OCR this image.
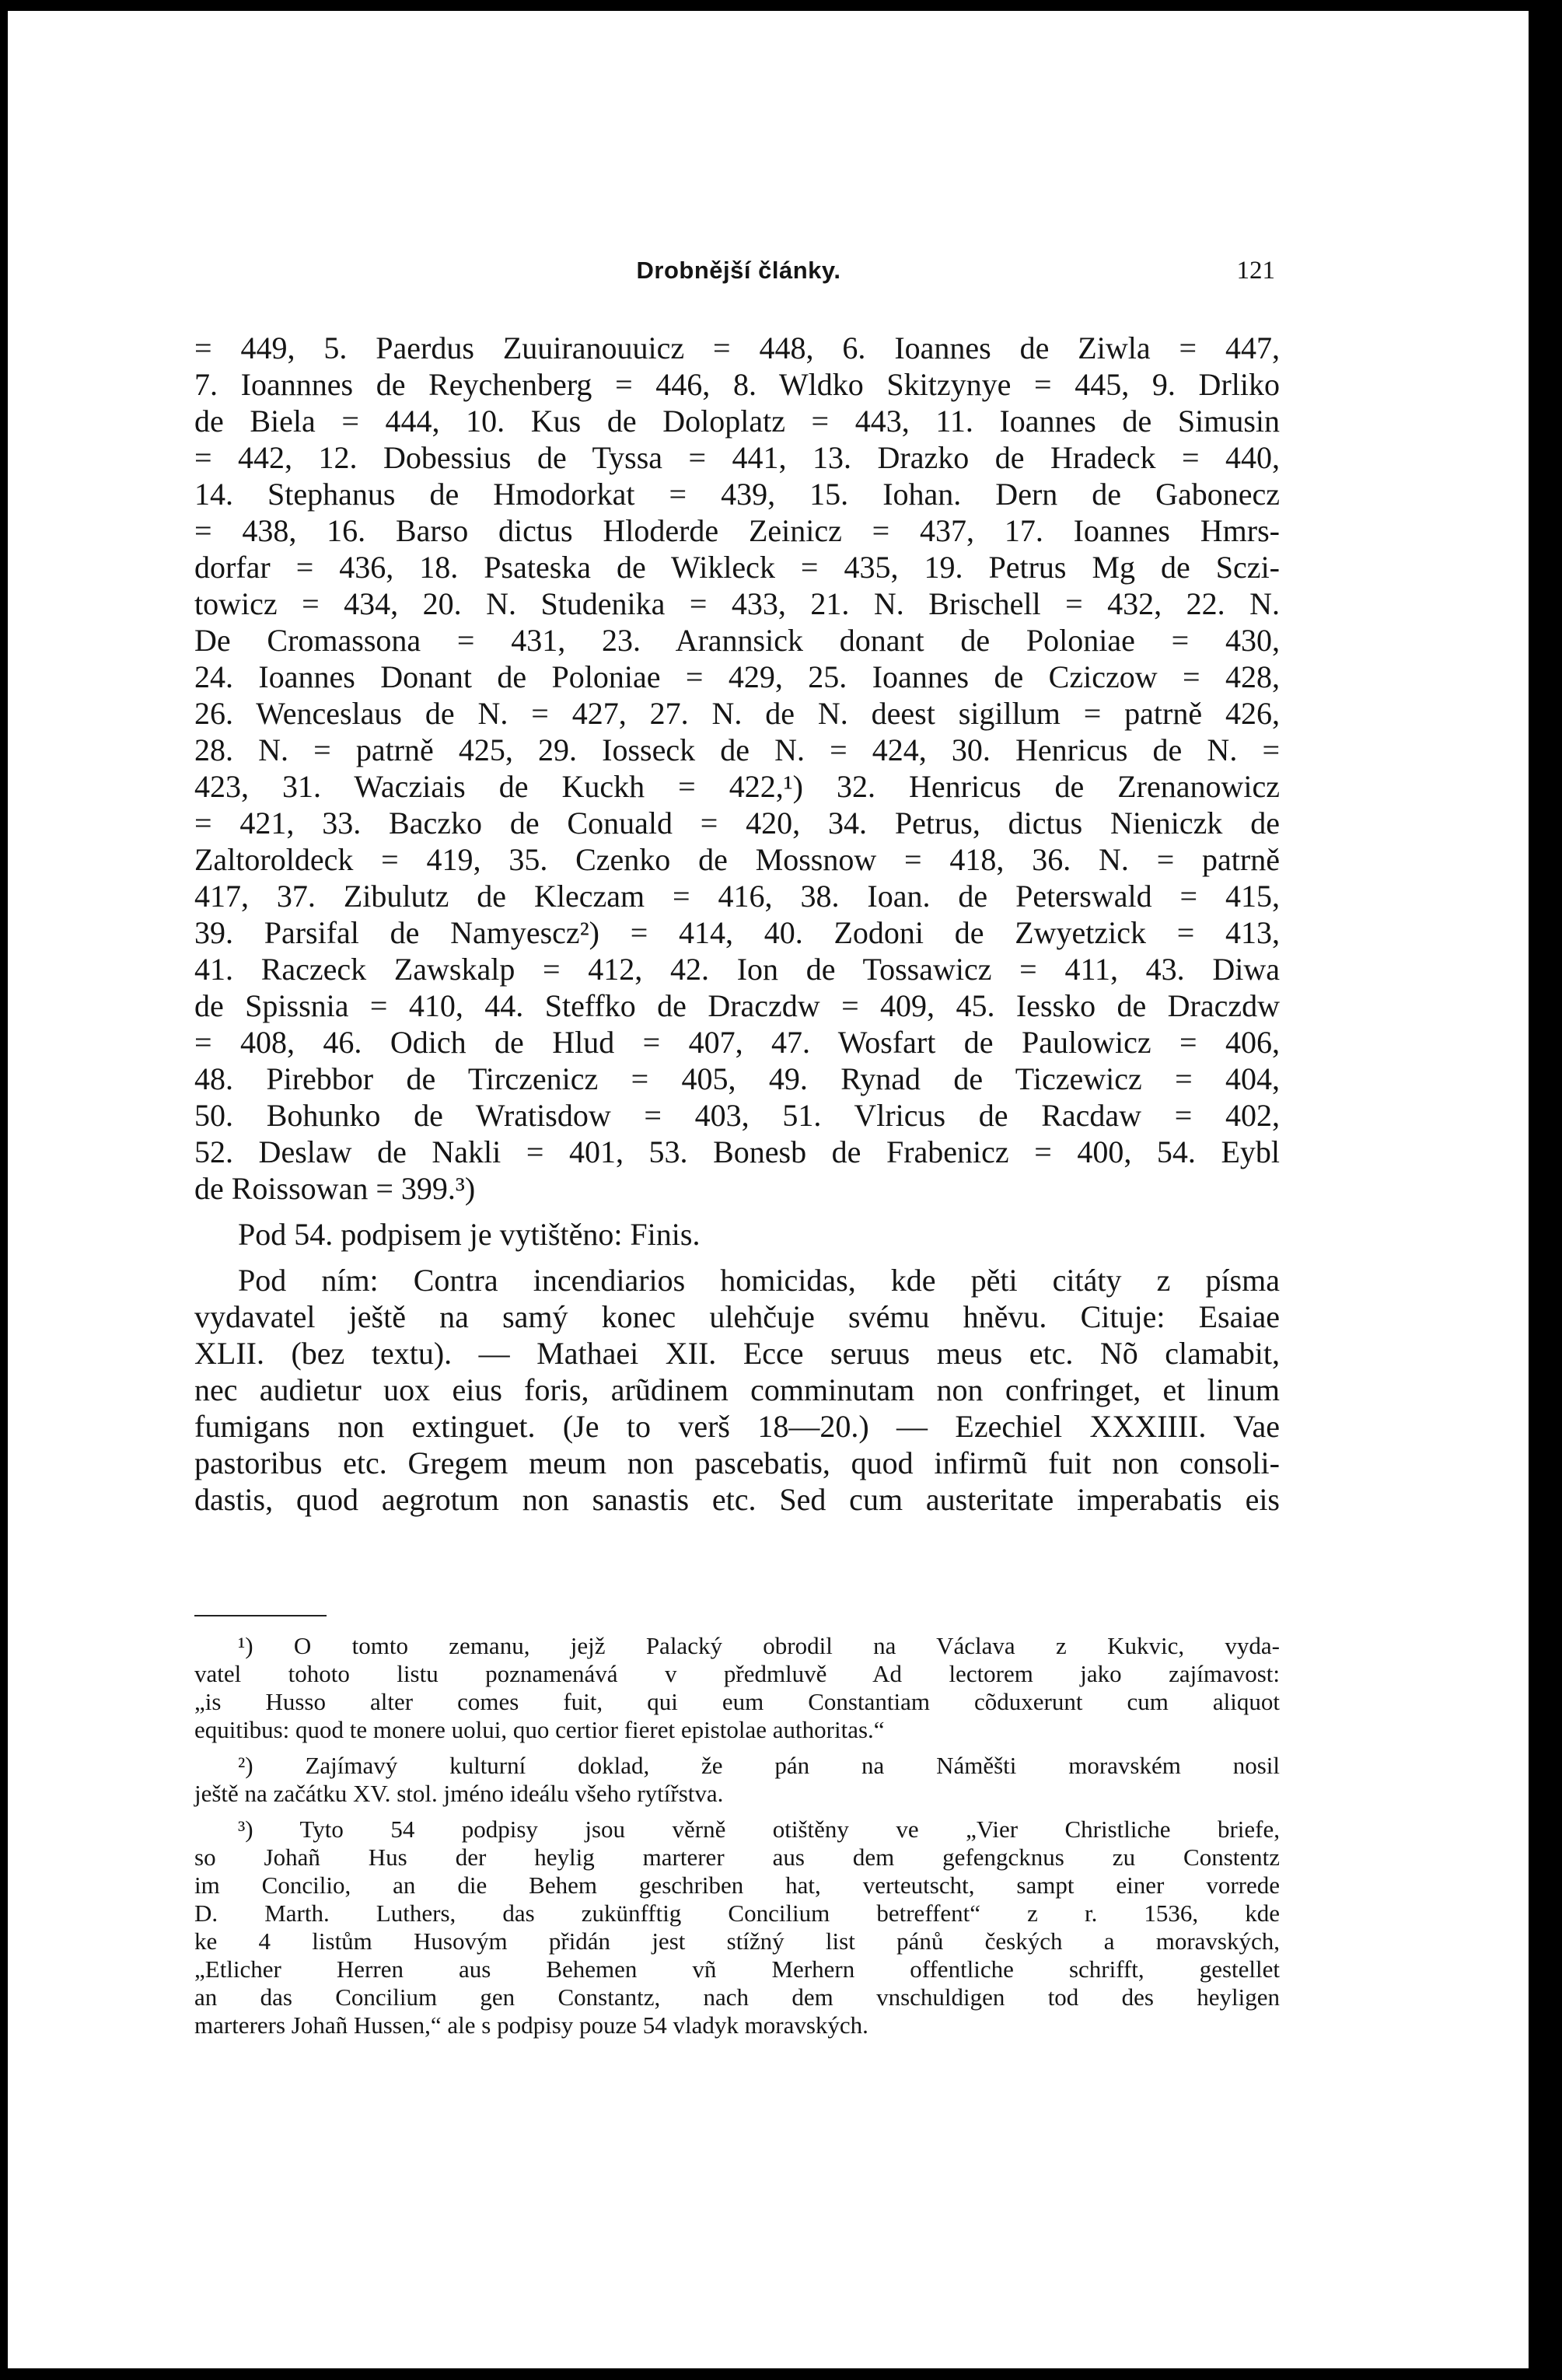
Drobnější články.	121
= 449, 5. Paerdus Zuuiranouuicz = 448, 6. Ioannes de Ziwla = 447,
7. Ioannnes de Reychenberg = 446, 8. Wldko Skitzynye = 445, 9. Drliko
de Biela = 444, 10. Kus de Doloplatz = 443, 11. Ioannes de Simusin
= 442, 12. Dobessius de Tyssa = 441, 13. Drazko de Hradeck = 440,
14. Stephanus de Hmodorkat = 439, 15. Iohan. Dern de Gabonecz
= 438, 16. Barso dictus Hloderde Zeinicz = 437, 17. Ioannes Hmrs-
dorfar = 436, 18. Psateska de Wikleck = 435, 19. Petrus Mg de Sczi-
towicz = 434, 20. N. Studenika = 433, 21. N. Brischell = 432, 22. N.
De Cromassona = 431, 23. Arannsick donant de Poloniae = 430,
24. Ioannes Donant de Poloniae = 429, 25. Ioannes de Cziczow = 428,
26. Wenceslaus de N. = 427, 27. N. de N. deest sigillum = patrně 426,
28. N. = patrně 425, 29. Iosseck de N. = 424, 30. Henricus de N. =
423, 31. Wacziais de Kuckh = 422,¹) 32. Henricus de Zrenanowicz
= 421, 33. Baczko de Conuald = 420, 34. Petrus, dictus Nieniczk de
Zaltoroldeck = 419, 35. Czenko de Mossnow = 418, 36. N. = patrně
417, 37. Zibulutz de Kleczam = 416, 38. Ioan. de Peterswald = 415,
39. Parsifal de Namyescz²) = 414, 40. Zodoni de Zwyetzick = 413,
41. Raczeck Zawskalp = 412, 42. Ion de Tossawicz = 411, 43. Diwa
de Spissnia = 410, 44. Steffko de Draczdw = 409, 45. Iessko de Draczdw
= 408, 46. Odich de Hlud = 407, 47. Wosfart de Paulowicz = 406,
48. Pirebbor de Tirczenicz = 405, 49. Rynad de Ticzewicz = 404,
50. Bohunko de Wratisdow = 403, 51. Vlricus de Racdaw = 402,
52. Deslaw de Nakli = 401, 53. Bonesb de Frabenicz = 400, 54. Eybl
de Roissowan = 399.³)
Pod 54. podpisem je vytištěno: Finis.
Pod ním: Contra incendiarios homicidas, kde pěti citáty z písma
vydavatel ještě na samý konec ulehčuje svému hněvu. Cituje: Esaiae
XLII. (bez textu). — Mathaei XII. Ecce seruus meus etc. Nõ clamabit,
nec audietur uox eius foris, arũdinem comminutam non confringet, et linum
fumigans non extinguet. (Je to verš 18—20.) — Ezechiel XXXIIII. Vae
pastoribus etc. Gregem meum non pascebatis, quod infirmũ fuit non consoli-
dastis, quod aegrotum non sanastis etc. Sed cum austeritate imperabatis eis
¹) O tomto zemanu, jejž Palacký obrodil na Václava z Kukvic, vyda-
vatel tohoto listu poznamenává v předmluvě Ad lectorem jako zajímavost:
„is Husso alter comes fuit, qui eum Constantiam cõduxerunt cum aliquot
equitibus: quod te monere uolui, quo certior fieret epistolae authoritas.“
²) Zajímavý kulturní doklad, že pán na Náměšti moravském nosil
ještě na začátku XV. stol. jméno ideálu všeho rytířstva.
³) Tyto 54 podpisy jsou věrně otištěny ve „Vier Christliche briefe,
so Johañ Hus der heylig marterer aus dem gefengcknus zu Constentz
im Concilio, an die Behem geschriben hat, verteutscht, sampt einer vorrede
D. Marth. Luthers, das zukünfftig Concilium betreffent“ z r. 1536, kde
ke 4 listům Husovým přidán jest stížný list pánů českých a moravských,
„Etlicher Herren aus Behemen vñ Merhern offentliche schrifft, gestellet
an das Concilium gen Constantz, nach dem vnschuldigen tod des heyligen
marterers Johañ Hussen,“ ale s podpisy pouze 54 vladyk moravských.
